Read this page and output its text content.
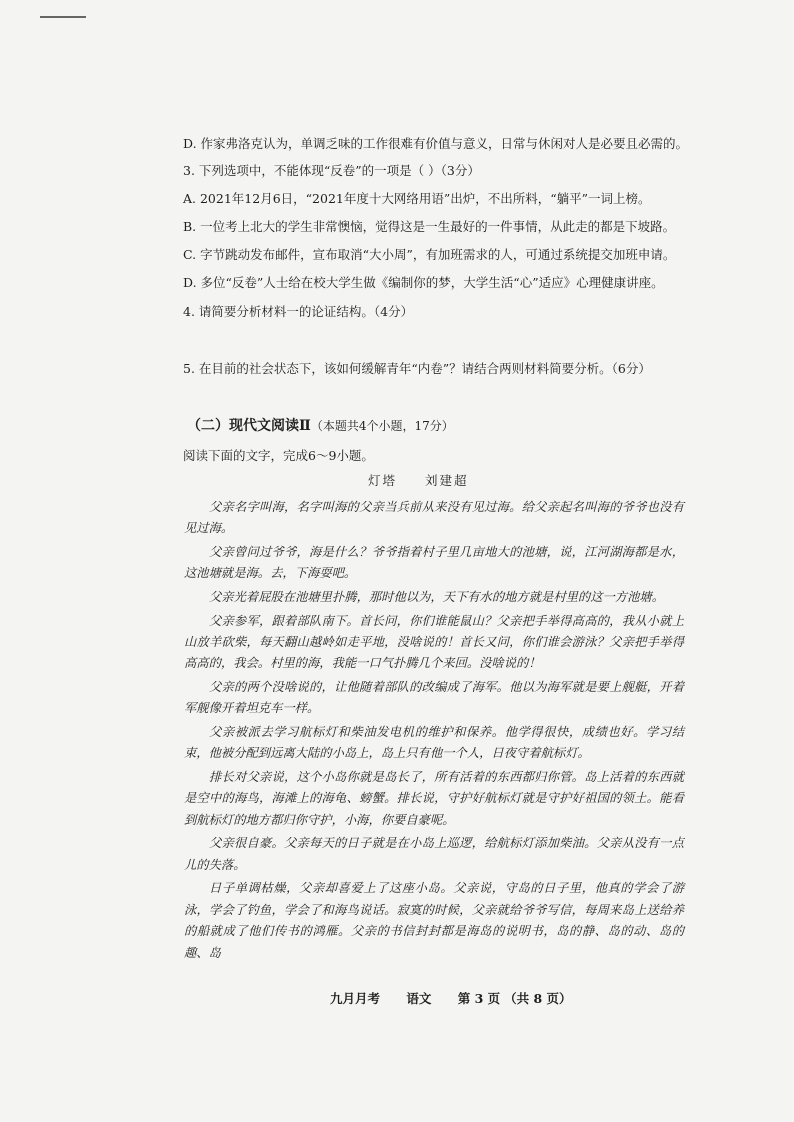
D. 作家弗洛克认为，单调乏味的工作很难有价值与意义，日常与休闲对人是必要且必需的。
3. 下列选项中，不能体现“反卷”的一项是（ ）（3分）
A. 2021年12月6日，“2021年度十大网络用语”出炉，不出所料，“躺平”一词上榜。
B. 一位考上北大的学生非常懊恼，觉得这是一生最好的一件事情，从此走的都是下坡路。
C. 字节跳动发布邮件，宣布取消“大小周”，有加班需求的人，可通过系统提交加班申请。
D. 多位“反卷”人士给在校大学生做《编制你的梦，大学生活“心”适应》心理健康讲座。
4. 请简要分析材料一的论证结构。（4分）
5. 在目前的社会状态下，该如何缓解青年“内卷”？请结合两则材料简要分析。（6分）
（二）现代文阅读Ⅱ（本题共4个小题，17分）
阅读下面的文字，完成6～9小题。
灯塔 刘建超

父亲名字叫海，名字叫海的父亲当兵前从来没有见过海。给父亲起名叫海的爷爷也没有见过海。

父亲曾问过爷爷，海是什么？爷爷指着村子里几亩地大的池塘，说，江河湖海都是水，这池塘就是海。去，下海耍吧。

父亲光着屁股在池塘里扑腾，那时他以为，天下有水的地方就是村里的这一方池塘。

父亲参军，跟着部队南下。首长问，你们谁能鼠山？父亲把手举得高高的，我从小就上山放羊砍柴，每天翻山越岭如走平地，没啥说的！首长又问，你们谁会游泳？父亲把手举得高高的，我会。村里的海，我能一口气扑腾几个来回。没啥说的！

父亲的两个没啥说的，让他随着部队的改编成了海军。他以为海军就是要上舰艇，开着军舰像开着坦克车一样。

父亲被派去学习航标灯和柴油发电机的维护和保养。他学得很快，成绩也好。学习结束，他被分配到远离大陆的小岛上，岛上只有他一个人，日夜守着航标灯。

排长对父亲说，这个小岛你就是岛长了，所有活着的东西都归你管。岛上活着的东西就是空中的海鸟，海滩上的海龟、螃蟹。排长说，守护好航标灯就是守护好祖国的领土。能看到航标灯的地方都归你守护，小海，你要自豪呢。

父亲很自豪。父亲每天的日子就是在小岛上巡逻，给航标灯添加柴油。父亲从没有一点儿的失落。

日子单调枯燥，父亲却喜爱上了这座小岛。父亲说，守岛的日子里，他真的学会了游泳，学会了钓鱼，学会了和海鸟说话。寂寞的时候，父亲就给爷爷写信，每周来岛上送给养的船就成了他们传书的鸿雁。父亲的书信封封都是海岛的说明书，岛的静、岛的动、岛的趣、岛

九月月考 语文 第 3 页 （共 8 页）
